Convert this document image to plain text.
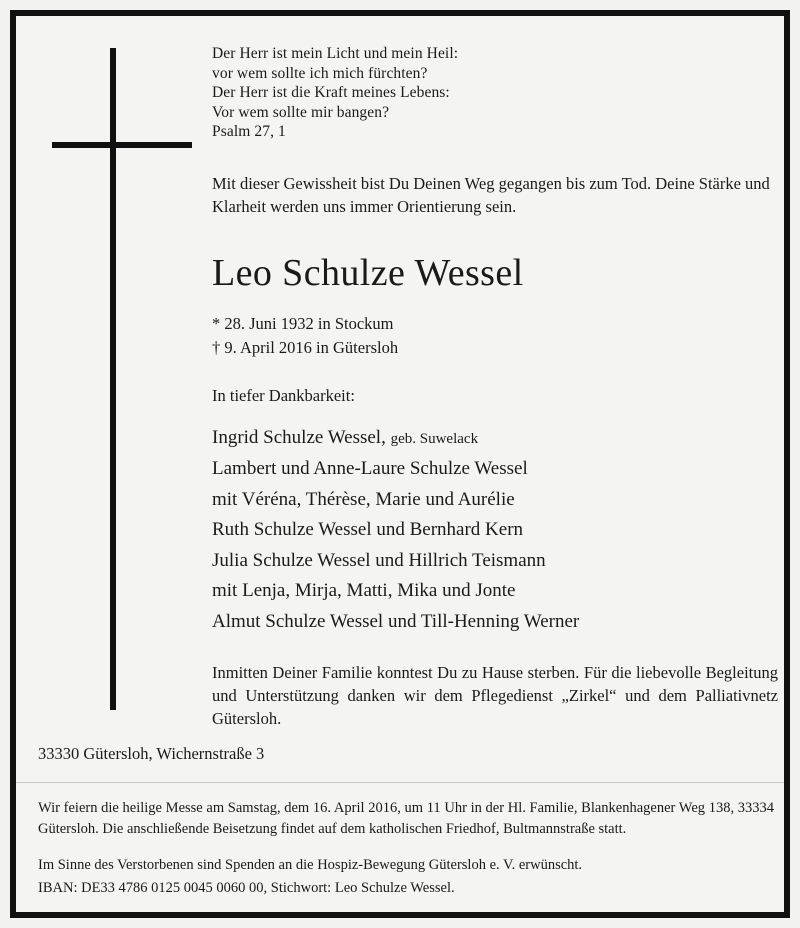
Der Herr ist mein Licht und mein Heil:
vor wem sollte ich mich fürchten?
Der Herr ist die Kraft meines Lebens:
Vor wem sollte mir bangen?
Psalm 27, 1
Mit dieser Gewissheit bist Du Deinen Weg gegangen bis zum Tod. Deine Stärke und Klarheit werden uns immer Orientierung sein.
Leo Schulze Wessel
* 28. Juni 1932 in Stockum
† 9. April 2016 in Gütersloh
In tiefer Dankbarkeit:
Ingrid Schulze Wessel, geb. Suwelack
Lambert und Anne-Laure Schulze Wessel
mit Véréna, Thérèse, Marie und Aurélie
Ruth Schulze Wessel und Bernhard Kern
Julia Schulze Wessel und Hillrich Teismann
mit Lenja, Mirja, Matti, Mika und Jonte
Almut Schulze Wessel und Till-Henning Werner
Inmitten Deiner Familie konntest Du zu Hause sterben. Für die liebevolle Begleitung und Unterstützung danken wir dem Pflegedienst „Zirkel“ und dem Palliativnetz Gütersloh.
33330 Gütersloh, Wichernstraße 3

Wir feiern die heilige Messe am Samstag, dem 16. April 2016, um 11 Uhr in der Hl. Familie, Blankenhagener Weg 138, 33334 Gütersloh. Die anschließende Beisetzung findet auf dem katholischen Friedhof, Bultmannstraße statt.

Im Sinne des Verstorbenen sind Spenden an die Hospiz-Bewegung Gütersloh e. V. erwünscht.

IBAN: DE33 4786 0125 0045 0060 00, Stichwort: Leo Schulze Wessel.
